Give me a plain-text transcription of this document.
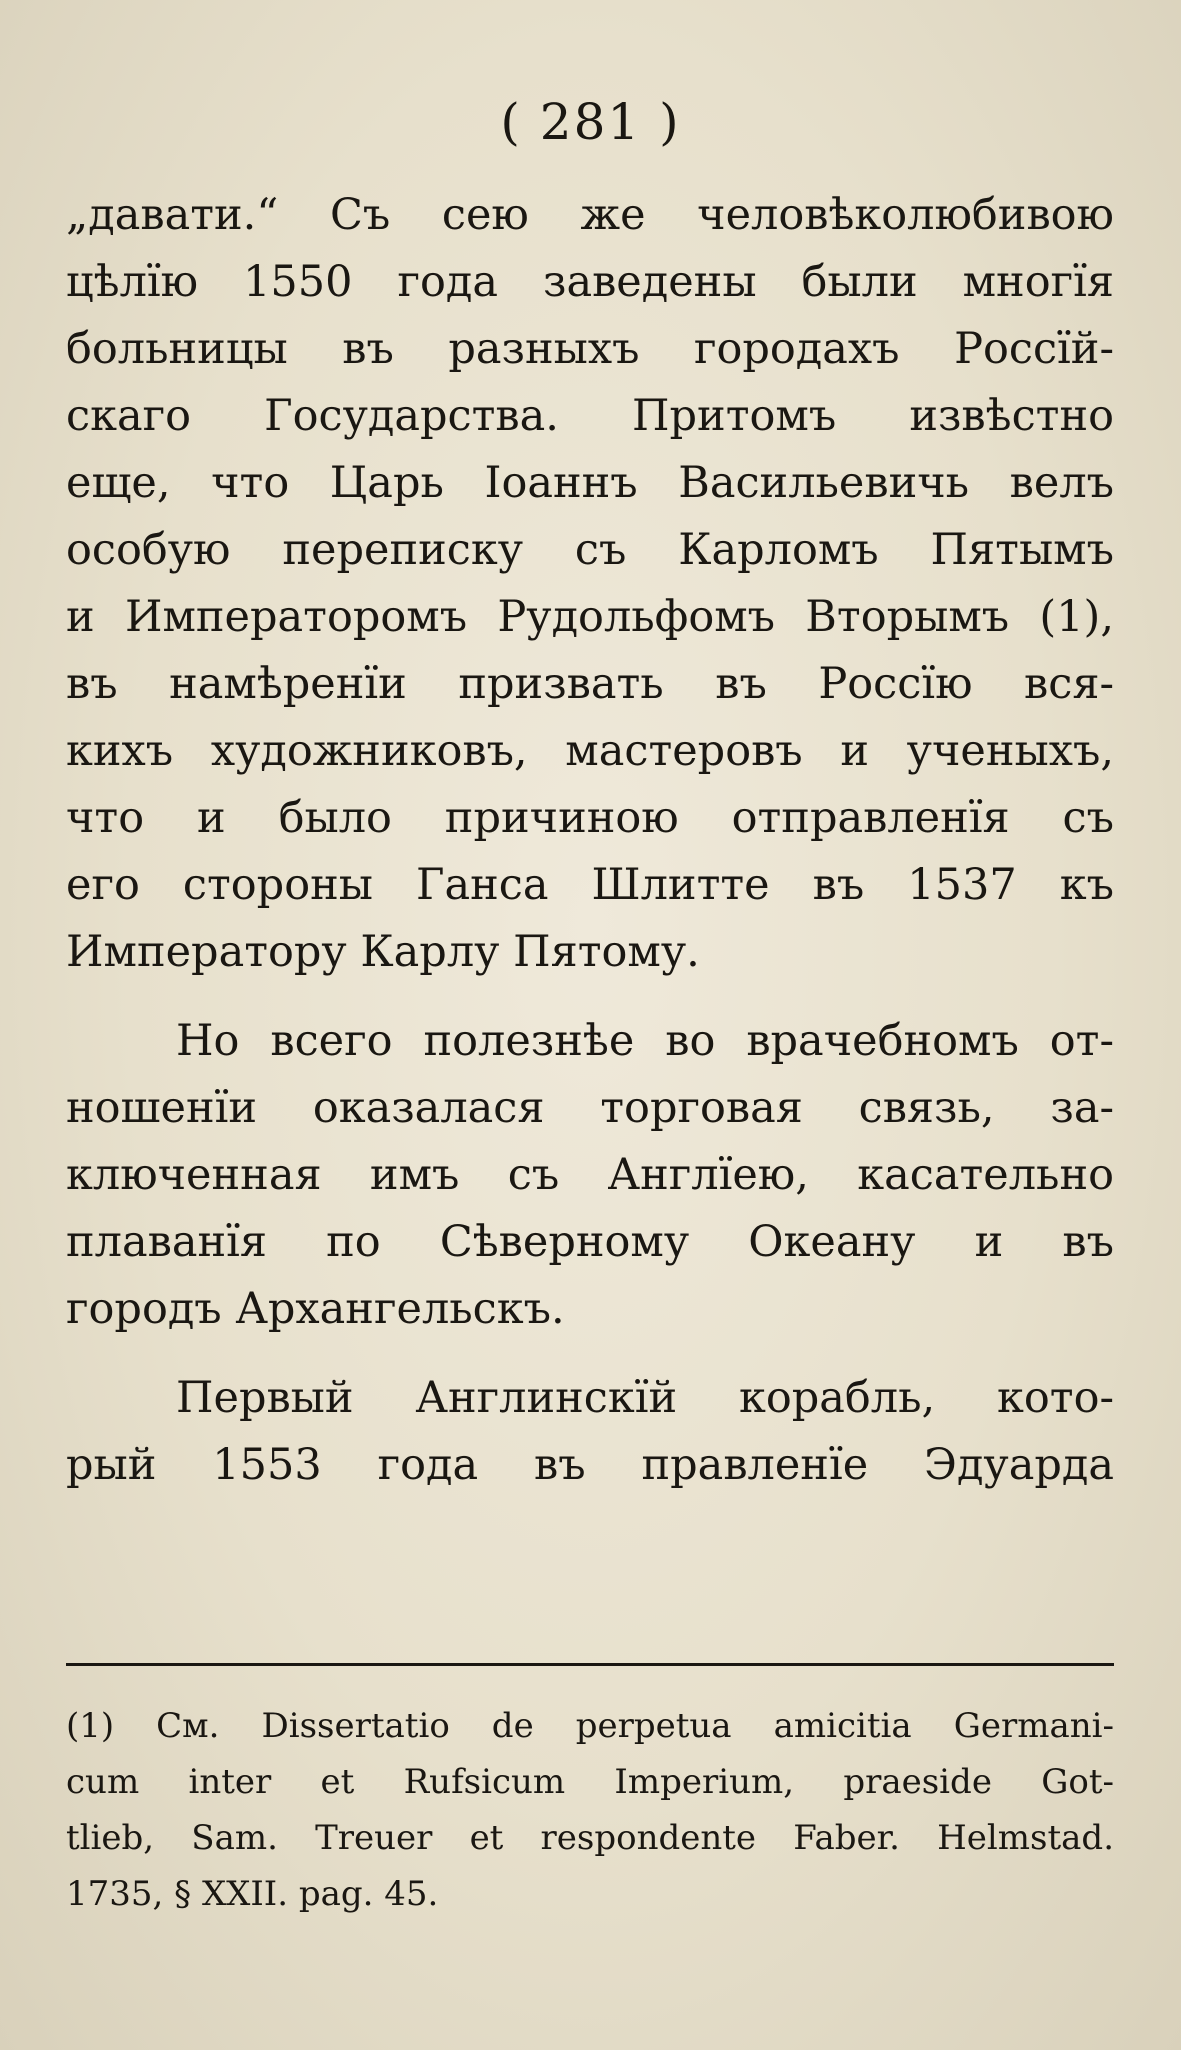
( 281 )

„давати.“ Съ сею же человѣколюбивою
цѣлїю 1550 года заведены были многїя
больницы въ разныхъ городахъ Россїй-
скаго Государства. Притомъ извѣстно
еще, что Царь Iоаннъ Васильевичь велъ
особую переписку съ Карломъ Пятымъ
и Императоромъ Рудольфомъ Вторымъ (1),
въ намѣренїи призвать въ Россїю вся-
кихъ художниковъ, мастеровъ и ученыхъ,
что и было причиною отправленїя съ
его стороны Ганса Шлитте въ 1537 къ
Императору Карлу Пятому.

Но всего полезнѣе во врачебномъ от-
ношенїи оказалася торговая связь, за-
ключенная имъ съ Англїею, касательно
плаванїя по Сѣверному Океану и въ
городъ Архангельскъ.

Первый Англинскїй корабль, кото-
рый 1553 года въ правленїе Эдуарда

(1) См. Dissertatio de perpetua amicitia Germani-
cum inter et Rufsicum Imperium, praeside Got-
tlieb, Sam. Treuer et respondente Faber. Helmstad.
1735, § XXII. pag. 45.
